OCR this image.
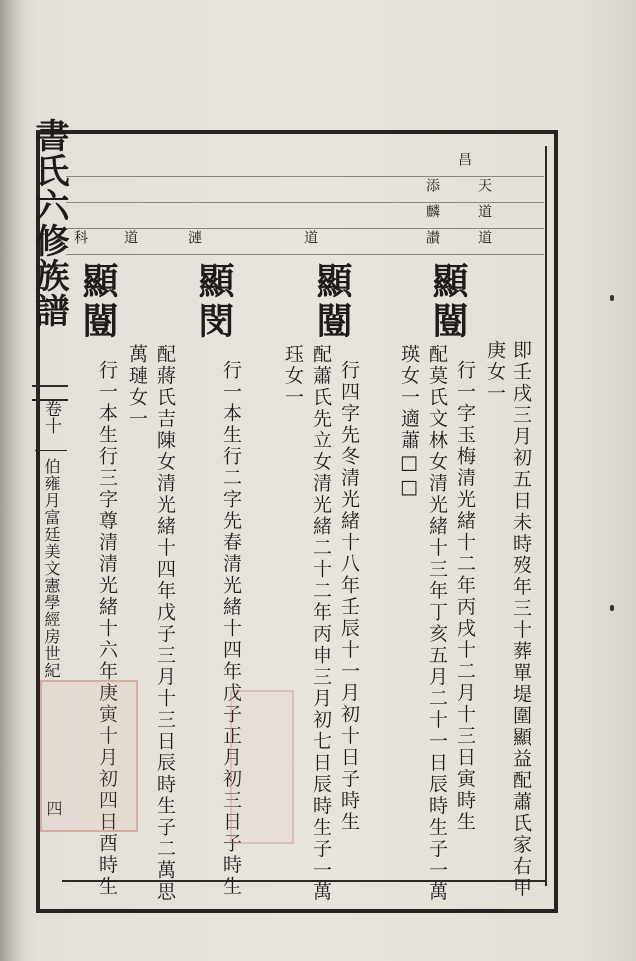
書氏六修族譜
卷十
伯雍月富廷美文憲學經房世紀
四
昌
添	天
麟	道
科 道	漣	道	讃	道
即壬戌三月初五日未時歿年三十葬單堤圍顯益配蕭氏家右甲
庚女一
顯闓
行一字玉梅清光緒十二年丙戌十二月十三日寅時生
配莫氏文林女清光緒十三年丁亥五月二十一日辰時生子一萬
瑛女一適蕭□□
顯闓
行四字先冬清光緒十八年壬辰十一月初十日子時生
配蕭氏先立女清光緒二十二年丙申三月初七日辰時生子一萬
珏女一
顯閔
行一本生行二字先春清光緒十四年戊子正月初三日子時生
配蔣氏吉陳女清光緒十四年戊子三月十三日辰時生子二萬思
萬璉女一
顯闓
行一本生行三字尊清清光緒十六年庚寅十月初四日酉時生
